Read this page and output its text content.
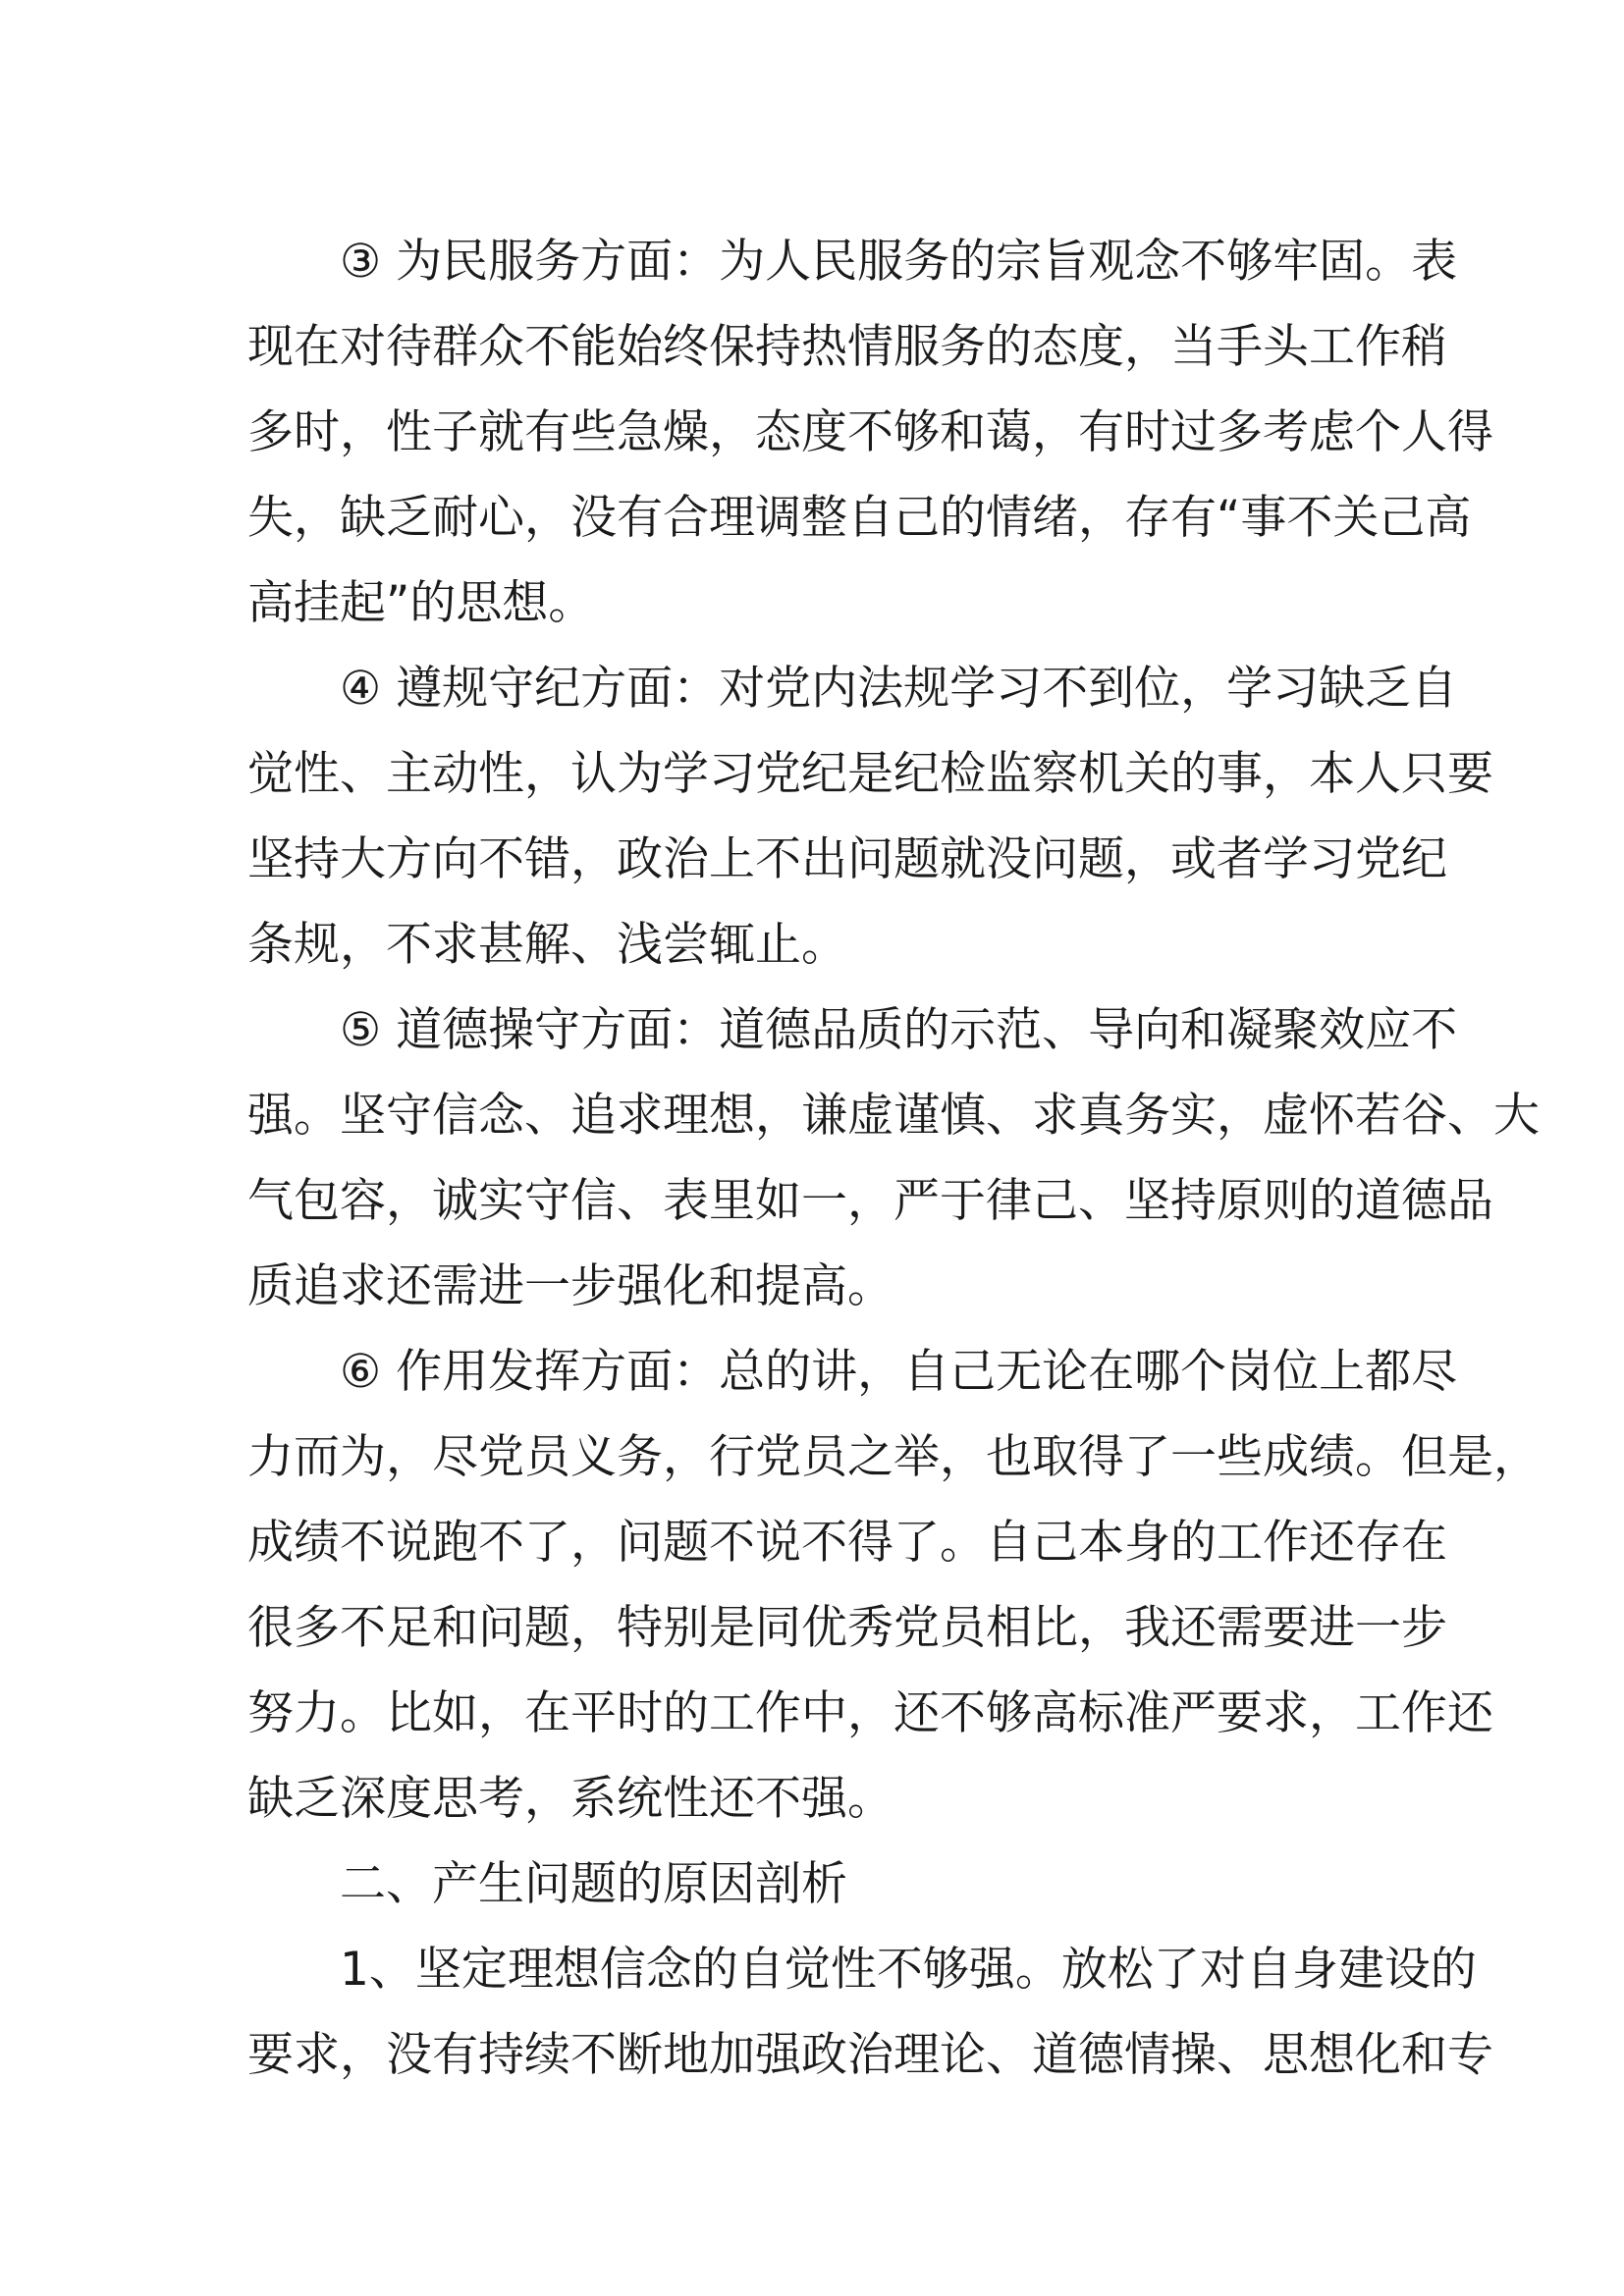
③ 为民服务方面：为人民服务的宗旨观念不够牢固。表
现在对待群众不能始终保持热情服务的态度，当手头工作稍
多时，性子就有些急燥，态度不够和蔼，有时过多考虑个人得
失，缺乏耐心，没有合理调整自己的情绪，存有“事不关己高
高挂起”的思想。
④ 遵规守纪方面：对党内法规学习不到位，学习缺乏自
觉性、主动性，认为学习党纪是纪检监察机关的事，本人只要
坚持大方向不错，政治上不出问题就没问题，或者学习党纪
条规，不求甚解、浅尝辄止。
⑤ 道德操守方面：道德品质的示范、导向和凝聚效应不
强。坚守信念、追求理想，谦虚谨慎、求真务实，虚怀若谷、大
气包容，诚实守信、表里如一，严于律己、坚持原则的道德品
质追求还需进一步强化和提高。
⑥ 作用发挥方面：总的讲，自己无论在哪个岗位上都尽
力而为，尽党员义务，行党员之举，也取得了一些成绩。但是，
成绩不说跑不了，问题不说不得了。自己本身的工作还存在
很多不足和问题，特别是同优秀党员相比，我还需要进一步
努力。比如，在平时的工作中，还不够高标准严要求，工作还
缺乏深度思考，系统性还不强。
二、产生问题的原因剖析
1、坚定理想信念的自觉性不够强。放松了对自身建设的
要求，没有持续不断地加强政治理论、道德情操、思想化和专
